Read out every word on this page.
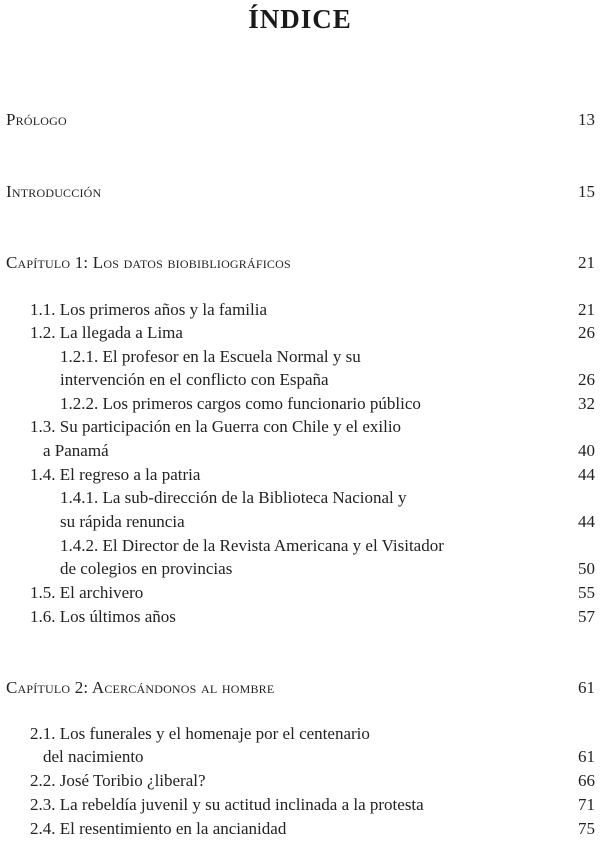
ÍNDICE
Prólogo	13
Introducción	15
Capítulo 1: Los datos biobibliográficos	21
1.1. Los primeros años y la familia	21
1.2. La llegada a Lima	26
1.2.1. El profesor en la Escuela Normal y su
intervención en el conflicto con España	26
1.2.2. Los primeros cargos como funcionario público	32
1.3. Su participación en la Guerra con Chile y el exilio
a Panamá	40
1.4. El regreso a la patria	44
1.4.1. La sub-dirección de la Biblioteca Nacional y
su rápida renuncia	44
1.4.2. El Director de la Revista Americana y el Visitador
de colegios en provincias	50
1.5. El archivero	55
1.6. Los últimos años	57
Capítulo 2: Acercándonos al hombre	61
2.1. Los funerales y el homenaje por el centenario
del nacimiento	61
2.2. José Toribio ¿liberal?	66
2.3. La rebeldía juvenil y su actitud inclinada a la protesta	71
2.4. El resentimiento en la ancianidad	75
